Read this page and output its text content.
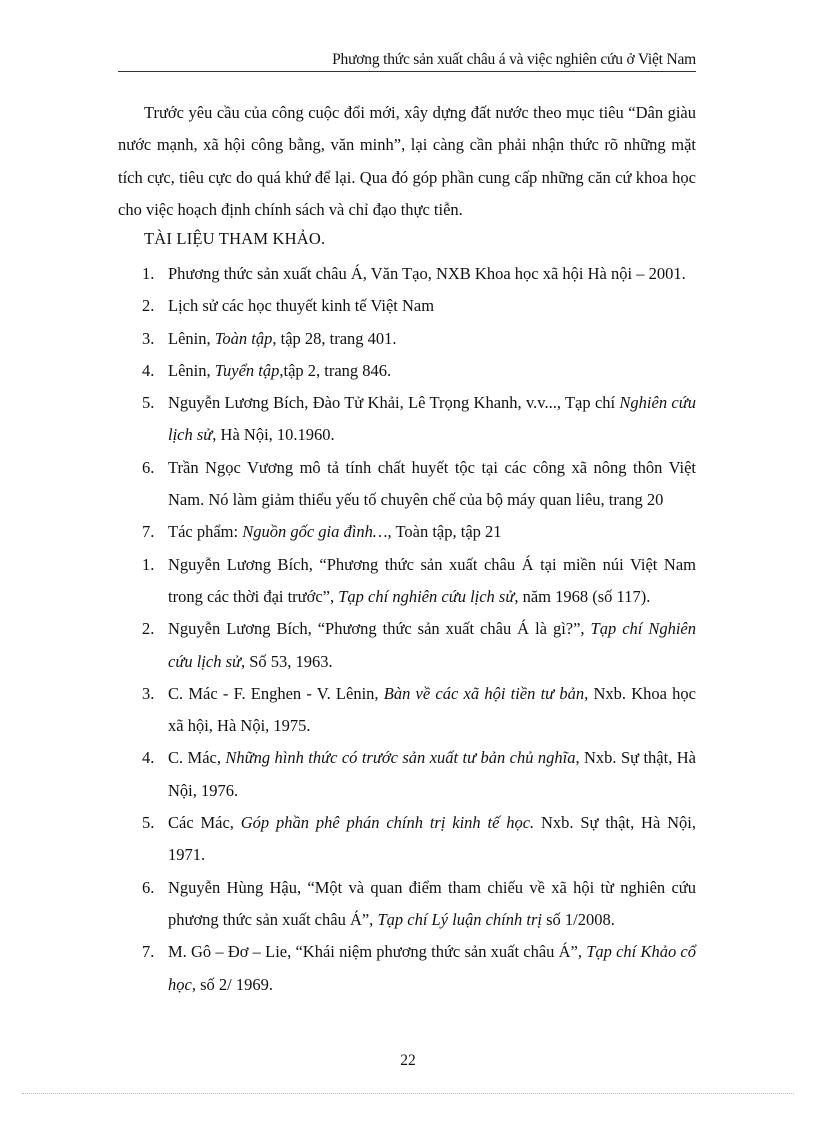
Phương thức sản xuất châu á và việc nghiên cứu ở Việt Nam

Trước yêu cầu của công cuộc đổi mới, xây dựng đất nước theo mục tiêu “Dân giàu nước mạnh, xã hội công bằng, văn minh”, lại càng cần phải nhận thức rõ những mặt tích cực, tiêu cực do quá khứ để lại. Qua đó góp phần cung cấp những căn cứ khoa học cho việc hoạch định chính sách và chỉ đạo thực tiễn.

TÀI LIỆU THAM KHẢO.

1. Phương thức sản xuất châu Á, Văn Tạo, NXB Khoa học xã hội Hà nội – 2001.
2. Lịch sử các học thuyết kinh tế Việt Nam
3. Lênin, Toàn tập, tập 28, trang 401.
4. Lênin, Tuyển tập,tập 2, trang 846.
5. Nguyễn Lương Bích, Đào Tử Khải, Lê Trọng Khanh, v.v..., Tạp chí Nghiên cứu lịch sử, Hà Nội, 10.1960.
6. Trần Ngọc Vương mô tả tính chất huyết tộc tại các công xã nông thôn Việt Nam. Nó làm giảm thiểu yếu tố chuyên chế của bộ máy quan liêu, trang 20
7. Tác phẩm: Nguồn gốc gia đình…, Toàn tập, tập 21
1. Nguyễn Lương Bích, “Phương thức sản xuất châu Á tại miền núi Việt Nam trong các thời đại trước”, Tạp chí nghiên cứu lịch sử, năm 1968 (số 117).
2. Nguyễn Lương Bích, “Phương thức sản xuất châu Á là gì?”, Tạp chí Nghiên cứu lịch sử, Số 53, 1963.
3. C. Mác - F. Enghen - V. Lênin, Bàn về các xã hội tiền tư bản, Nxb. Khoa học xã hội, Hà Nội, 1975.
4. C. Mác, Những hình thức có trước sản xuất tư bản chủ nghĩa, Nxb. Sự thật, Hà Nội, 1976.
5. Các Mác, Góp phần phê phán chính trị kinh tế học. Nxb. Sự thật, Hà Nội, 1971.
6. Nguyễn Hùng Hậu, “Một và quan điểm tham chiếu về xã hội từ nghiên cứu phương thức sản xuất châu Á”, Tạp chí Lý luận chính trị số 1/2008.
7. M. Gô – Đơ – Lie, “Khái niệm phương thức sản xuất châu Á”, Tạp chí Khảo cổ học, số 2/ 1969.
22
